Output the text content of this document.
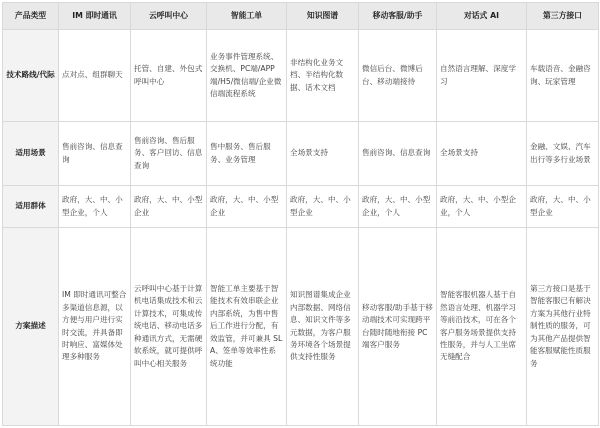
产品类型	IM 即时通讯	云呼叫中心	智能工单	知识图谱	移动客服/助手	对话式 AI	第三方接口
技术路线/代际	点对点、组群聊天	托管、自建、外包式呼叫中心	业务事件管理系统、交换机、PC端/APP 端/H5/微信端/企业微信端流程系统	非结构化业务文档、半结构化数据、话术文档	微信后台、微博后台、移动端接待	自然语言理解、深度学习	车载语音、金融咨询、玩家管理
适用场景	售前咨询、信息查询	售前咨询、售后服务、客户回访、信息查询	售中服务、售后服务、业务管理	全场景支持	售前咨询、信息查询	全场景支持	金融、文娱、汽车出行等多行业场景
适用群体	政府，大、中、小型企业，个人	政府，大、中、小型企业	政府，大、中、小型企业	政府，大、中、小型企业	政府，大、中、小型企业，个人	政府，大、中、小型企业，个人	政府，大、中、小型企业
方案描述	IM 即时通讯可整合多渠道信息源，以方便与用户进行实时交流，并具备即时响应、富媒体处理多种服务	云呼叫中心基于计算机电话集成技术和云计算技术，可集成传统电话、移动电话多种通讯方式，无需硬软系统，就可提供呼叫中心相关服务	智能工单主要基于智能技术有效串联企业内部系统，为售中售后工作进行分配，有效监管，并可兼具 SLA、签单等效率性系统功能	知识图谱集成企业内部数据、网络信息、知识文件等多元数据，为客户服务环境各个场景提供支持性服务	移动客服/助手基于移动端技术可实现跨平台随时随地衔接 PC 端客户服务	智能客服机器人基于自然语言处理、机器学习等前沿技术，可在各个客户服务场景提供支持性服务，并与人工坐席无缝配合	第三方接口是基于智能客服已有解决方案为其他行业特制性质的服务，可为其他产品提供智能客服赋能性质服务
